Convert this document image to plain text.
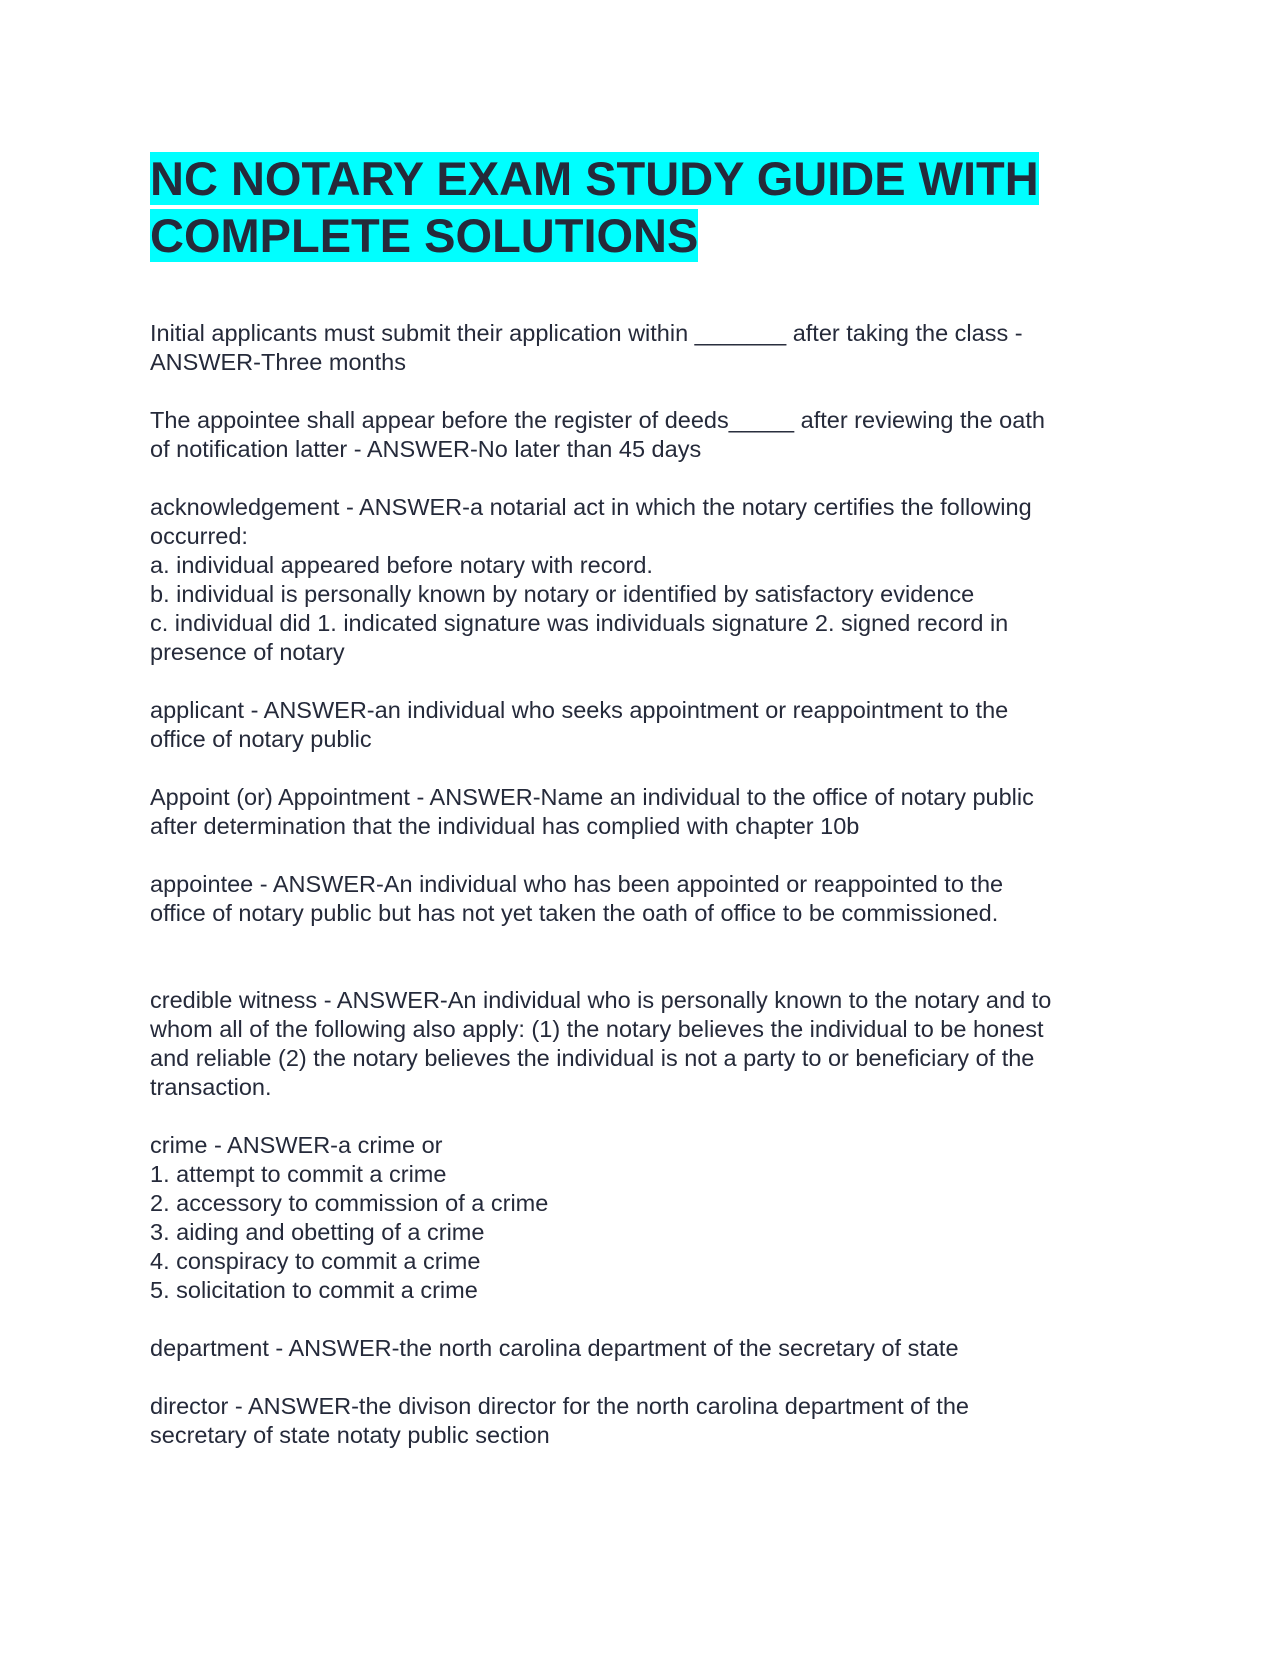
NC NOTARY EXAM STUDY GUIDE WITH
COMPLETE SOLUTIONS

Initial applicants must submit their application within _______ after taking the class -
ANSWER-Three months

The appointee shall appear before the register of deeds_____ after reviewing the oath
of notification latter - ANSWER-No later than 45 days

acknowledgement - ANSWER-a notarial act in which the notary certifies the following
occurred:
a. individual appeared before notary with record.
b. individual is personally known by notary or identified by satisfactory evidence
c. individual did 1. indicated signature was individuals signature 2. signed record in
presence of notary

applicant - ANSWER-an individual who seeks appointment or reappointment to the
office of notary public

Appoint (or) Appointment - ANSWER-Name an individual to the office of notary public
after determination that the individual has complied with chapter 10b

appointee - ANSWER-An individual who has been appointed or reappointed to the
office of notary public but has not yet taken the oath of office to be commissioned.

credible witness - ANSWER-An individual who is personally known to the notary and to
whom all of the following also apply: (1) the notary believes the individual to be honest
and reliable (2) the notary believes the individual is not a party to or beneficiary of the
transaction.

crime - ANSWER-a crime or
1. attempt to commit a crime
2. accessory to commission of a crime
3. aiding and obetting of a crime
4. conspiracy to commit a crime
5. solicitation to commit a crime

department - ANSWER-the north carolina department of the secretary of state

director - ANSWER-the divison director for the north carolina department of the
secretary of state notaty public section
